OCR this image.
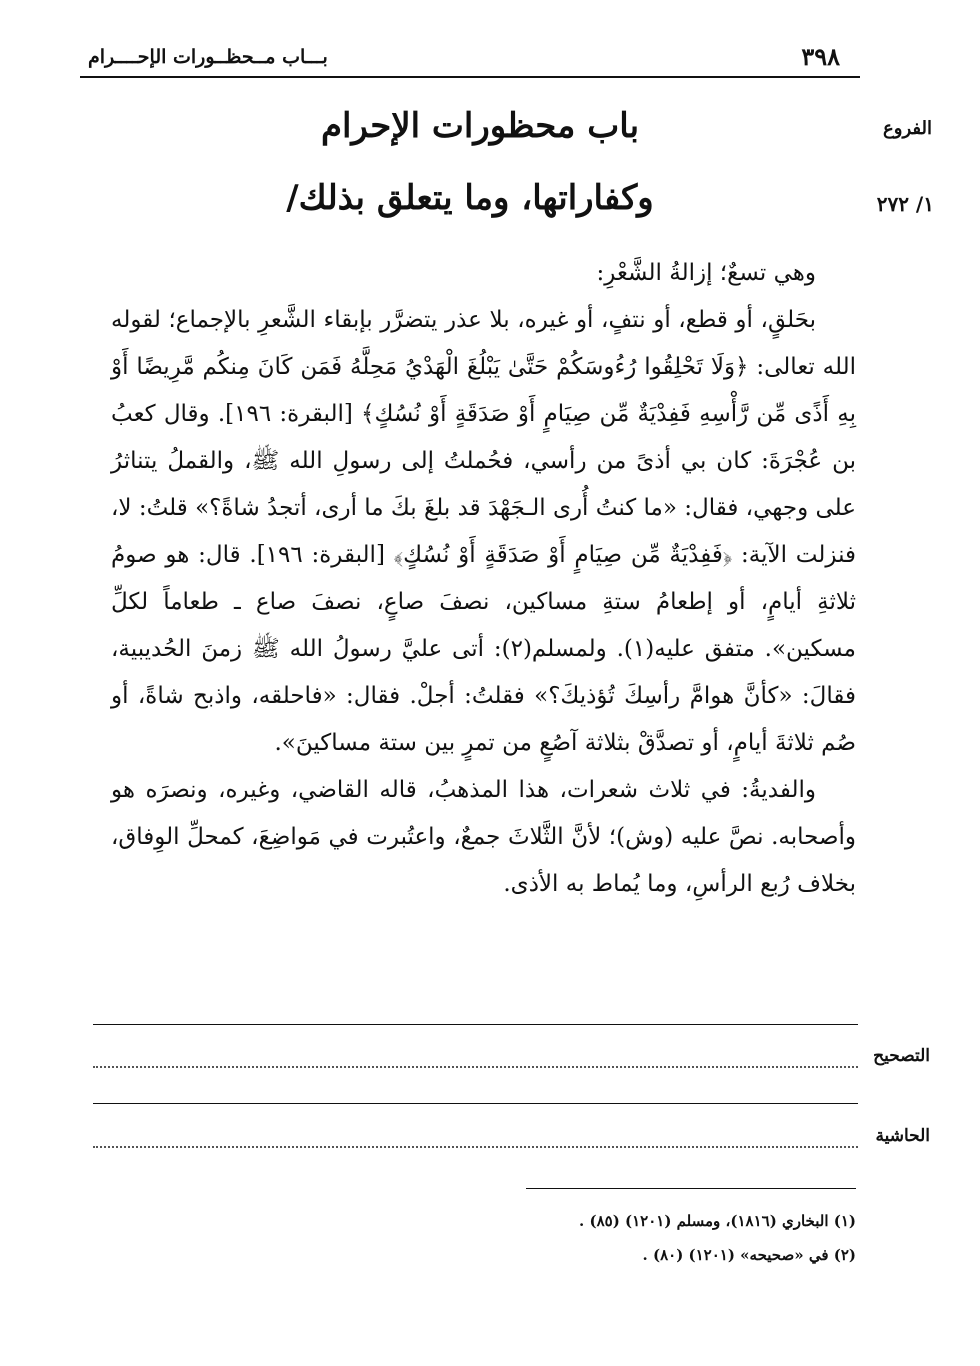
٣٩٨
بـــاب مــحظــورات الإحــــرام
الفروع
١/ ٢٧٢
باب محظورات الإحرام
وكفاراتها، وما يتعلق بذلك/

وهي تسعٌ؛ إزالةُ الشَّعْرِ:

بحَلقٍ، أو قطع، أو نتفٍ، أو غيره، بلا عذر يتضرَّر بإبقاء الشَّعرِ بالإجماع؛ لقوله الله تعالى: ﴿وَلَا تَحْلِقُوا رُءُوسَكُمْ حَتَّىٰ يَبْلُغَ الْهَدْيُ مَحِلَّهُ فَمَن كَانَ مِنكُم مَّرِيضًا أَوْ بِهِ أَذًى مِّن رَّأْسِهِ فَفِدْيَةٌ مِّن صِيَامٍ أَوْ صَدَقَةٍ أَوْ نُسُكٍ﴾ [البقرة: ١٩٦]. وقال كعبُ بن عُجْرَةَ: كان بي أذىً من رأسي، فحُملتُ إلى رسولِ الله ﷺ، والقملُ يتناثرُ على وجهي، فقال: «ما كنتُ أُرى الـجَهْدَ قد بلغَ بكَ ما أرى، أتجدُ شاةً؟» قلتُ: لا، فنزلت الآية: ﴿فَفِدْيَةٌ مِّن صِيَامٍ أَوْ صَدَقَةٍ أَوْ نُسُكٍ﴾ [البقرة: ١٩٦]. قال: هو صومُ ثلاثةِ أيامٍ، أو إطعامُ ستةِ مساكين، نصفَ صاعٍ، نصفَ صاع ـ طعاماً لكلِّ مسكين». متفق عليه(١). ولمسلم(٢): أتى عليَّ رسولُ الله ﷺ زمنَ الحُديبية، فقالَ: «كأنَّ هوامَّ رأسِكَ تُؤذيكَ؟» فقلتُ: أجلْ. فقال: «فاحلقه، واذبح شاةً، أو صُم ثلاثةَ أيامٍ، أو تصدَّقْ بثلاثة آصُعٍ من تمرٍ بين ستة مساكينَ».

والفديةُ: في ثلاث شعرات، هذا المذهبُ، قاله القاضي، وغيره، ونصرَه هو وأصحابه. نصَّ عليه (وش)؛ لأنَّ الثَّلاثَ جمعٌ، واعتُبرت في مَواضِعَ، كمحلِّ الوِفاق، بخلاف رُبع الرأسِ، وما يُماط به الأذى.

التصحيح
الحاشية
(١) البخاري (١٨١٦)، ومسلم (١٢٠١) (٨٥) .
(٢) في «صحيحه» (١٢٠١) (٨٠) .
